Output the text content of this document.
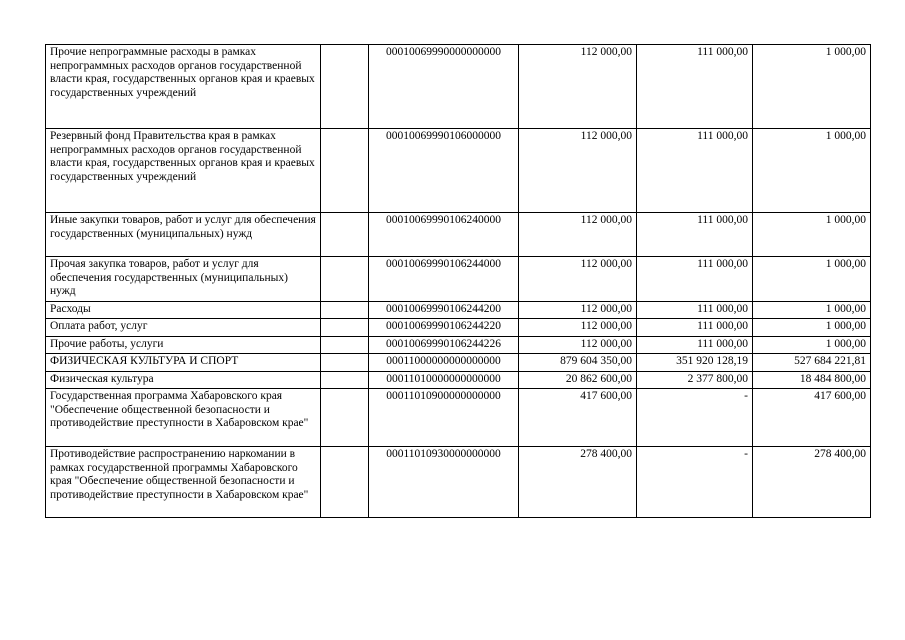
Прочие непрограммные расходы в рамках непрограммных расходов органов государственной власти края, государственных органов края и краевых государственных учреждений		00010069990000000000	112 000,00	111 000,00	1 000,00
Резервный фонд Правительства края в рамках непрограммных расходов органов государственной власти края, государственных органов края и краевых государственных учреждений		00010069990106000000	112 000,00	111 000,00	1 000,00
Иные закупки товаров, работ и услуг для обеспечения государственных (муниципальных) нужд		00010069990106240000	112 000,00	111 000,00	1 000,00
Прочая закупка товаров, работ и услуг для обеспечения государственных (муниципальных) нужд		00010069990106244000	112 000,00	111 000,00	1 000,00
Расходы		00010069990106244200	112 000,00	111 000,00	1 000,00
Оплата работ, услуг		00010069990106244220	112 000,00	111 000,00	1 000,00
Прочие работы, услуги		00010069990106244226	112 000,00	111 000,00	1 000,00
ФИЗИЧЕСКАЯ КУЛЬТУРА И СПОРТ		00011000000000000000	879 604 350,00	351 920 128,19	527 684 221,81
Физическая культура		00011010000000000000	20 862 600,00	2 377 800,00	18 484 800,00
Государственная программа Хабаровского края "Обеспечение общественной безопасности и противодействие преступности в Хабаровском крае"		00011010900000000000	417 600,00	-	417 600,00
Противодействие распространению наркомании в рамках государственной программы Хабаровского края "Обеспечение общественной безопасности и противодействие преступности в Хабаровском крае"		00011010930000000000	278 400,00	-	278 400,00
